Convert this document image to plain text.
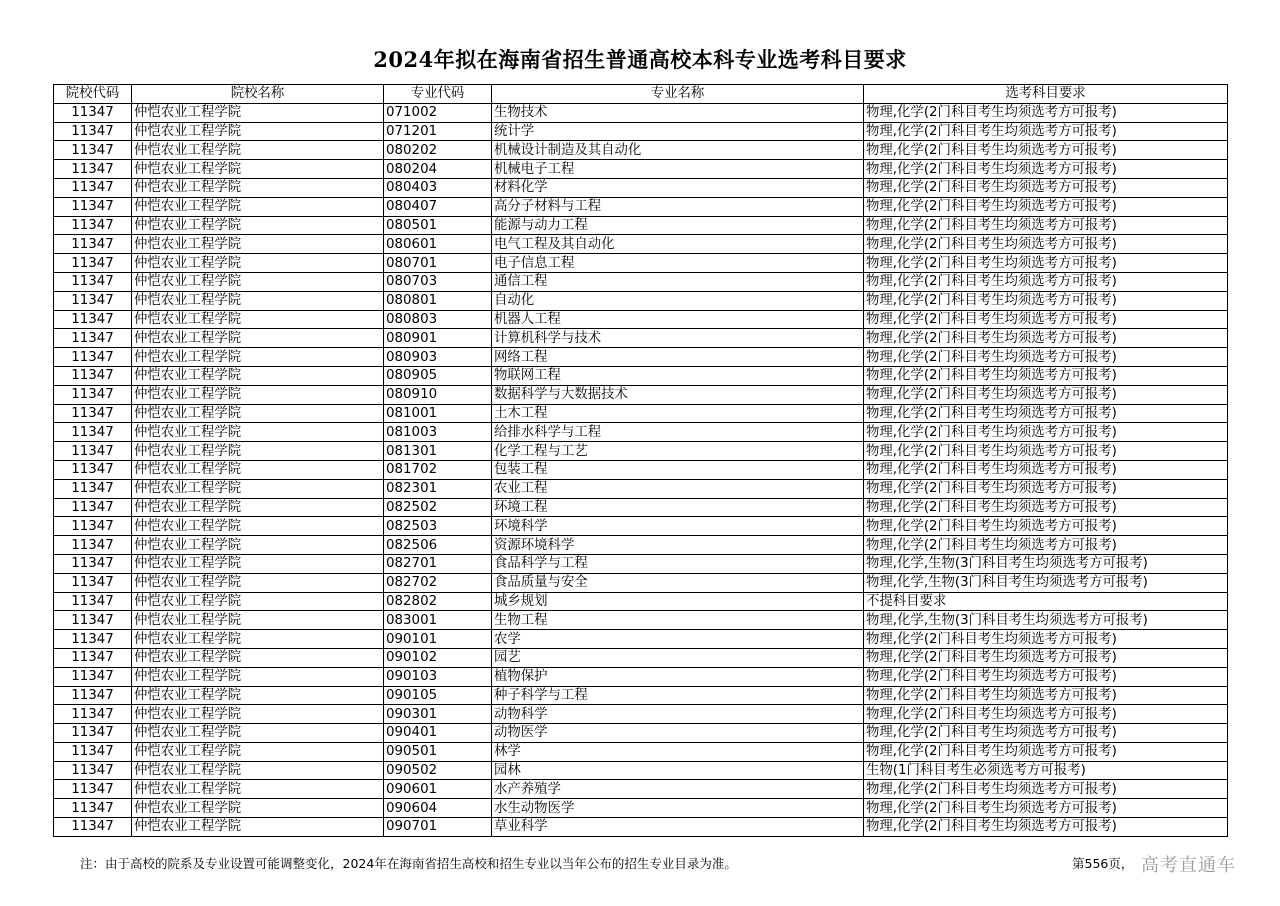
2024年拟在海南省招生普通高校本科专业选考科目要求
院校代码	院校名称	专业代码	专业名称	选考科目要求
11347	仲恺农业工程学院	071002	生物技术	物理,化学(2门科目考生均须选考方可报考)
11347	仲恺农业工程学院	071201	统计学	物理,化学(2门科目考生均须选考方可报考)
11347	仲恺农业工程学院	080202	机械设计制造及其自动化	物理,化学(2门科目考生均须选考方可报考)
11347	仲恺农业工程学院	080204	机械电子工程	物理,化学(2门科目考生均须选考方可报考)
11347	仲恺农业工程学院	080403	材料化学	物理,化学(2门科目考生均须选考方可报考)
11347	仲恺农业工程学院	080407	高分子材料与工程	物理,化学(2门科目考生均须选考方可报考)
11347	仲恺农业工程学院	080501	能源与动力工程	物理,化学(2门科目考生均须选考方可报考)
11347	仲恺农业工程学院	080601	电气工程及其自动化	物理,化学(2门科目考生均须选考方可报考)
11347	仲恺农业工程学院	080701	电子信息工程	物理,化学(2门科目考生均须选考方可报考)
11347	仲恺农业工程学院	080703	通信工程	物理,化学(2门科目考生均须选考方可报考)
11347	仲恺农业工程学院	080801	自动化	物理,化学(2门科目考生均须选考方可报考)
11347	仲恺农业工程学院	080803	机器人工程	物理,化学(2门科目考生均须选考方可报考)
11347	仲恺农业工程学院	080901	计算机科学与技术	物理,化学(2门科目考生均须选考方可报考)
11347	仲恺农业工程学院	080903	网络工程	物理,化学(2门科目考生均须选考方可报考)
11347	仲恺农业工程学院	080905	物联网工程	物理,化学(2门科目考生均须选考方可报考)
11347	仲恺农业工程学院	080910	数据科学与大数据技术	物理,化学(2门科目考生均须选考方可报考)
11347	仲恺农业工程学院	081001	土木工程	物理,化学(2门科目考生均须选考方可报考)
11347	仲恺农业工程学院	081003	给排水科学与工程	物理,化学(2门科目考生均须选考方可报考)
11347	仲恺农业工程学院	081301	化学工程与工艺	物理,化学(2门科目考生均须选考方可报考)
11347	仲恺农业工程学院	081702	包装工程	物理,化学(2门科目考生均须选考方可报考)
11347	仲恺农业工程学院	082301	农业工程	物理,化学(2门科目考生均须选考方可报考)
11347	仲恺农业工程学院	082502	环境工程	物理,化学(2门科目考生均须选考方可报考)
11347	仲恺农业工程学院	082503	环境科学	物理,化学(2门科目考生均须选考方可报考)
11347	仲恺农业工程学院	082506	资源环境科学	物理,化学(2门科目考生均须选考方可报考)
11347	仲恺农业工程学院	082701	食品科学与工程	物理,化学,生物(3门科目考生均须选考方可报考)
11347	仲恺农业工程学院	082702	食品质量与安全	物理,化学,生物(3门科目考生均须选考方可报考)
11347	仲恺农业工程学院	082802	城乡规划	不提科目要求
11347	仲恺农业工程学院	083001	生物工程	物理,化学,生物(3门科目考生均须选考方可报考)
11347	仲恺农业工程学院	090101	农学	物理,化学(2门科目考生均须选考方可报考)
11347	仲恺农业工程学院	090102	园艺	物理,化学(2门科目考生均须选考方可报考)
11347	仲恺农业工程学院	090103	植物保护	物理,化学(2门科目考生均须选考方可报考)
11347	仲恺农业工程学院	090105	种子科学与工程	物理,化学(2门科目考生均须选考方可报考)
11347	仲恺农业工程学院	090301	动物科学	物理,化学(2门科目考生均须选考方可报考)
11347	仲恺农业工程学院	090401	动物医学	物理,化学(2门科目考生均须选考方可报考)
11347	仲恺农业工程学院	090501	林学	物理,化学(2门科目考生均须选考方可报考)
11347	仲恺农业工程学院	090502	园林	生物(1门科目考生必须选考方可报考)
11347	仲恺农业工程学院	090601	水产养殖学	物理,化学(2门科目考生均须选考方可报考)
11347	仲恺农业工程学院	090604	水生动物医学	物理,化学(2门科目考生均须选考方可报考)
11347	仲恺农业工程学院	090701	草业科学	物理,化学(2门科目考生均须选考方可报考)
注：由于高校的院系及专业设置可能调整变化，2024年在海南省招生高校和招生专业以当年公布的招生专业目录为准。	第556页， 高考直通车
